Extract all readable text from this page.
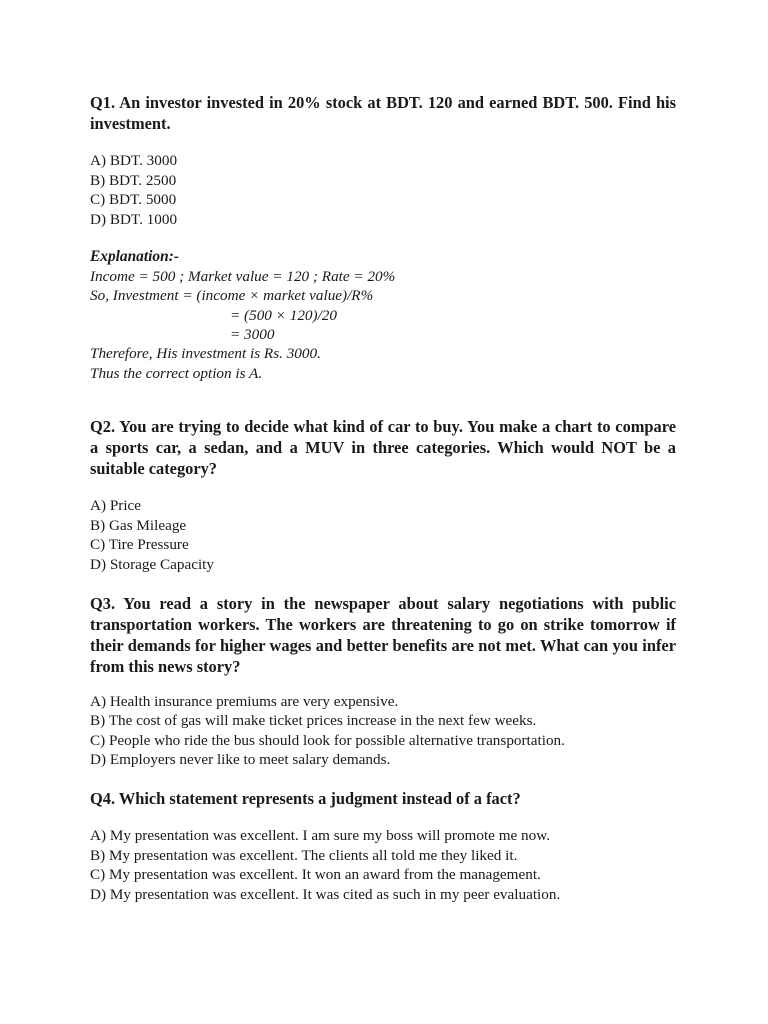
Q1. An investor invested in 20% stock at BDT. 120 and earned BDT. 500. Find his investment.

A) BDT. 3000
B) BDT. 2500
C) BDT. 5000
D) BDT. 1000
Explanation:-
Income = 500 ; Market value = 120 ; Rate = 20%
So, Investment = (income × market value)/R%
= (500 × 120)/20
= 3000
Therefore, His investment is Rs. 3000.
Thus the correct option is A.

Q2. You are trying to decide what kind of car to buy. You make a chart to compare a sports car, a sedan, and a MUV in three categories. Which would NOT be a suitable category?

A) Price
B) Gas Mileage
C) Tire Pressure
D) Storage Capacity

Q3. You read a story in the newspaper about salary negotiations with public transportation workers. The workers are threatening to go on strike tomorrow if their demands for higher wages and better benefits are not met. What can you infer from this news story?

A) Health insurance premiums are very expensive.
B) The cost of gas will make ticket prices increase in the next few weeks.
C) People who ride the bus should look for possible alternative transportation.
D) Employers never like to meet salary demands.

Q4. Which statement represents a judgment instead of a fact?

A) My presentation was excellent. I am sure my boss will promote me now.
B) My presentation was excellent. The clients all told me they liked it.
C) My presentation was excellent. It won an award from the management.
D) My presentation was excellent. It was cited as such in my peer evaluation.
